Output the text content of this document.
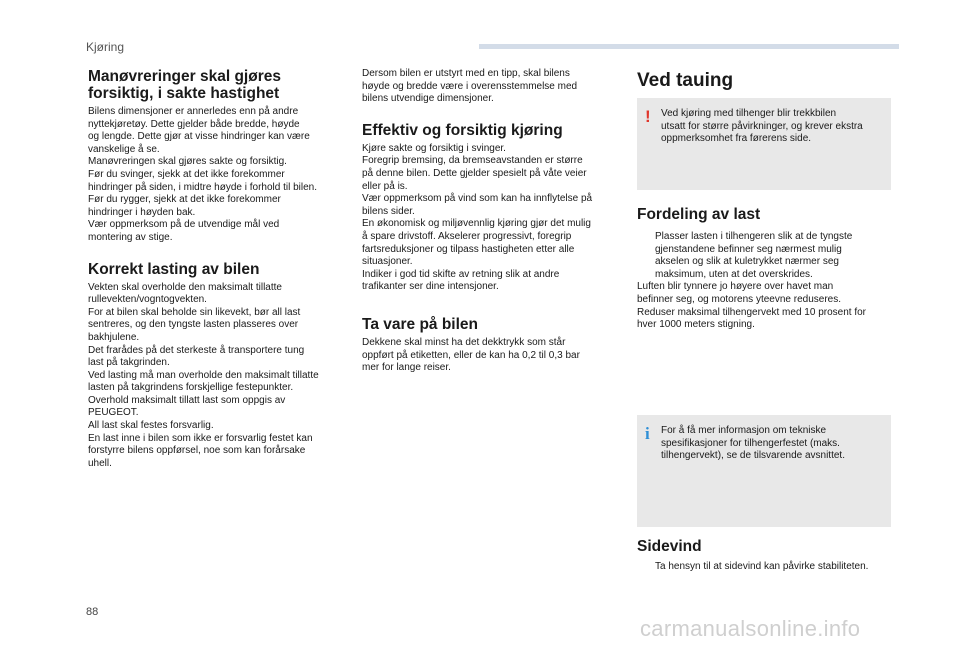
Kjøring
Manøvreringer skal gjøres forsiktig, i sakte hastighet

Bilens dimensjoner er annerledes enn på andre
nyttekjøretøy. Dette gjelder både bredde, høyde
og lengde. Dette gjør at visse hindringer kan være
vanskelige å se.
Manøvreringen skal gjøres sakte og forsiktig.
Før du svinger, sjekk at det ikke forekommer
hindringer på siden, i midtre høyde i forhold til bilen.
Før du rygger, sjekk at det ikke forekommer
hindringer i høyden bak.
Vær oppmerksom på de utvendige mål ved
montering av stige.

Korrekt lasting av bilen

Vekten skal overholde den maksimalt tillatte
rullevekten/vogntogvekten.
For at bilen skal beholde sin likevekt, bør all last
sentreres, og den tyngste lasten plasseres over
bakhjulene.
Det frarådes på det sterkeste å transportere tung
last på takgrinden.
Ved lasting må man overholde den maksimalt tillatte
lasten på takgrindens forskjellige festepunkter.
Overhold maksimalt tillatt last som oppgis av
PEUGEOT.
All last skal festes forsvarlig.
En last inne i bilen som ikke er forsvarlig festet kan
forstyrre bilens oppførsel, noe som kan forårsake
uhell.

Dersom bilen er utstyrt med en tipp, skal bilens
høyde og bredde være i overensstemmelse med
bilens utvendige dimensjoner.

Effektiv og forsiktig kjøring

Kjøre sakte og forsiktig i svinger.
Foregrip bremsing, da bremseavstanden er større
på denne bilen. Dette gjelder spesielt på våte veier
eller på is.
Vær oppmerksom på vind som kan ha innflytelse på
bilens sider.
En økonomisk og miljøvennlig kjøring gjør det mulig
å spare drivstoff. Akselerer progressivt, foregrip
fartsreduksjoner og tilpass hastigheten etter alle
situasjoner.
Indiker i god tid skifte av retning slik at andre
trafikanter ser dine intensjoner.

Ta vare på bilen

Dekkene skal minst ha det dekktrykk som står
oppført på etiketten, eller de kan ha 0,2 til 0,3 bar
mer for lange reiser.

Ved tauing
Fordeling av last

Plasser lasten i tilhengeren slik at de tyngste
gjenstandene befinner seg nærmest mulig
akselen og slik at kuletrykket nærmer seg
maksimum, uten at det overskrides.

Luften blir tynnere jo høyere over havet man
befinner seg, og motorens yteevne reduseres.
Reduser maksimal tilhengervekt med 10 prosent for
hver 1000 meters stigning.

Sidevind

Ta hensyn til at sidevind kan påvirke stabiliteten.

! Ved kjøring med tilhenger blir trekkbilen
utsatt for større påvirkninger, og krever ekstra
oppmerksomhet fra førerens side.

i For å få mer informasjon om tekniske
spesifikasjoner for tilhengerfestet (maks.
tilhengervekt), se de tilsvarende avsnittet.

88
carmanualsonline.info
